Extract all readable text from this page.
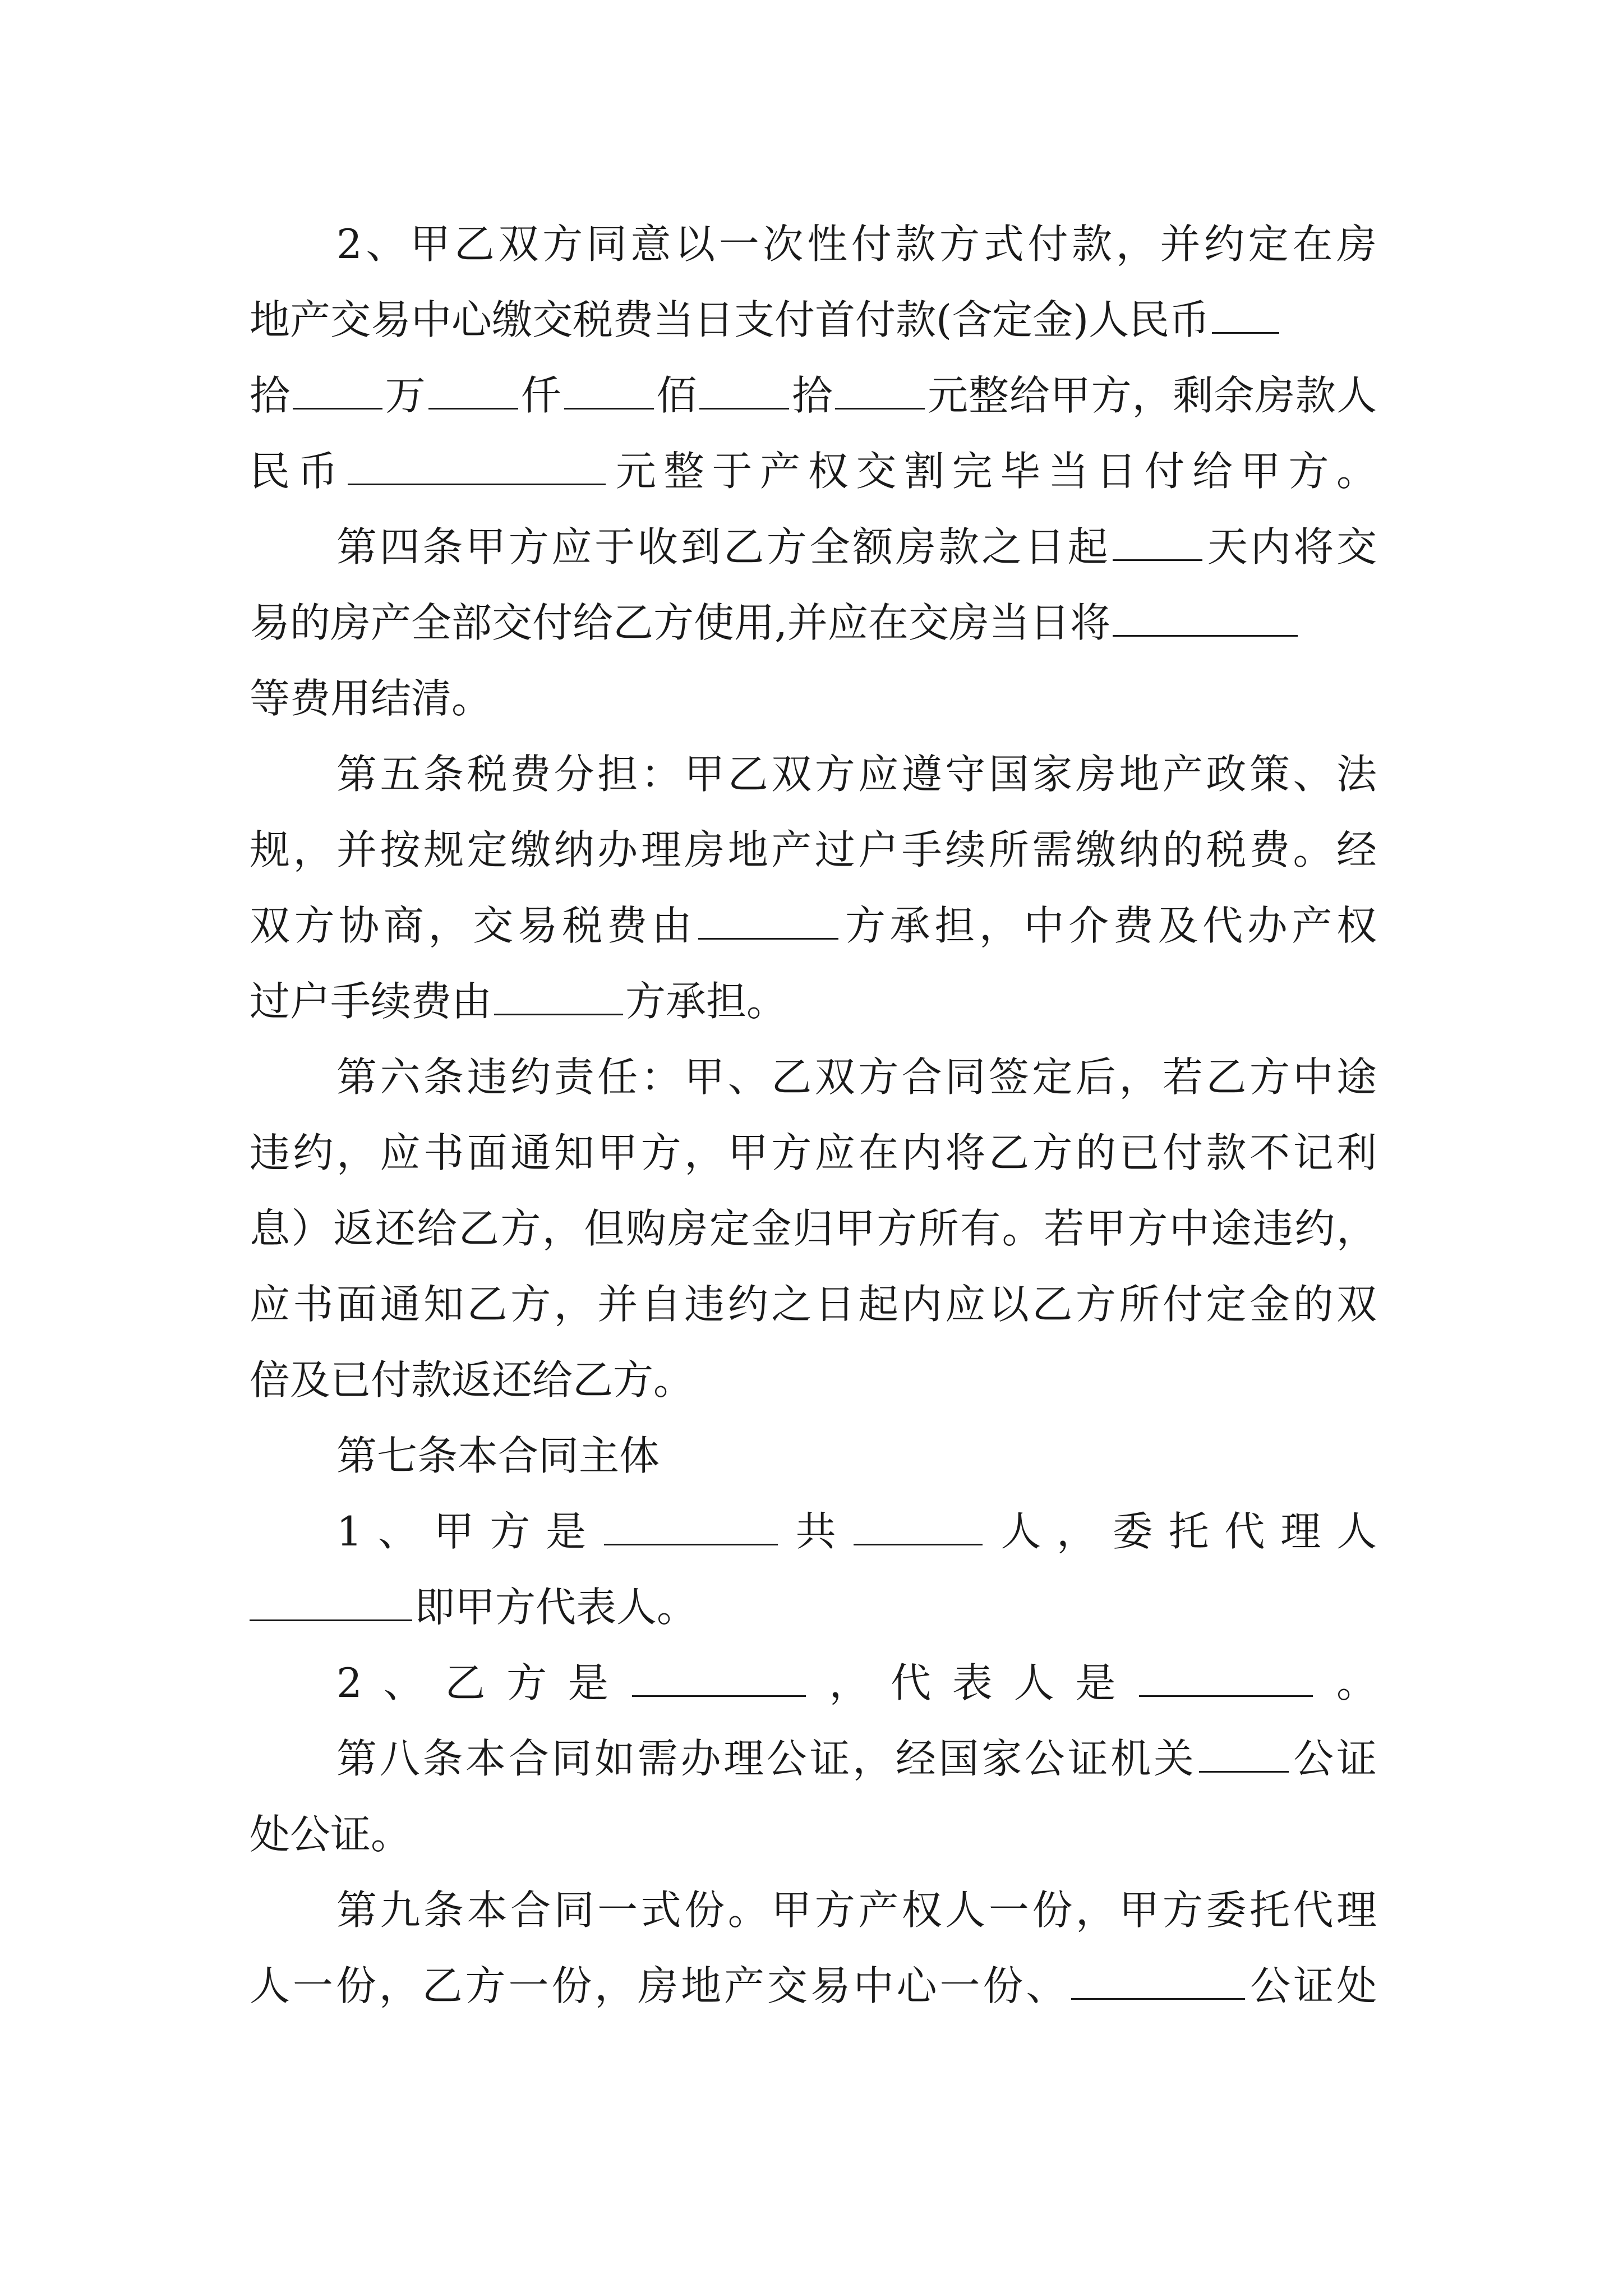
2、甲乙双方同意以一次性付款方式付款，并约定在房
地产交易中心缴交税费当日支付首付款(含定金)人民币
拾 万 仟 佰 拾 元整给甲方，剩余房款人
民币	元整于产权交割完毕当日付给甲方。
第四条甲方应于收到乙方全额房款之日起 天内将交
易的房产全部交付给乙方使用,并应在交房当日将
等费用结清。
第五条税费分担：甲乙双方应遵守国家房地产政策、法
规，并按规定缴纳办理房地产过户手续所需缴纳的税费。经
双方协商，交易税费由	方承担，中介费及代办产权
过户手续费由	方承担。
第六条违约责任：甲、乙双方合同签定后，若乙方中途
违约，应书面通知甲方，甲方应在内将乙方的已付款不记利
息）返还给乙方，但购房定金归甲方所有。若甲方中途违约，
应书面通知乙方，并自违约之日起内应以乙方所付定金的双
倍及已付款返还给乙方。
第七条本合同主体
1、甲方是	共	人，委托代理人
即甲方代表人。
2、乙方是	，代表人是	。
第八条本合同如需办理公证，经国家公证机关 公证
处公证。
第九条本合同一式份。甲方产权人一份，甲方委托代理
人一份，乙方一份，房地产交易中心一份、	公证处
